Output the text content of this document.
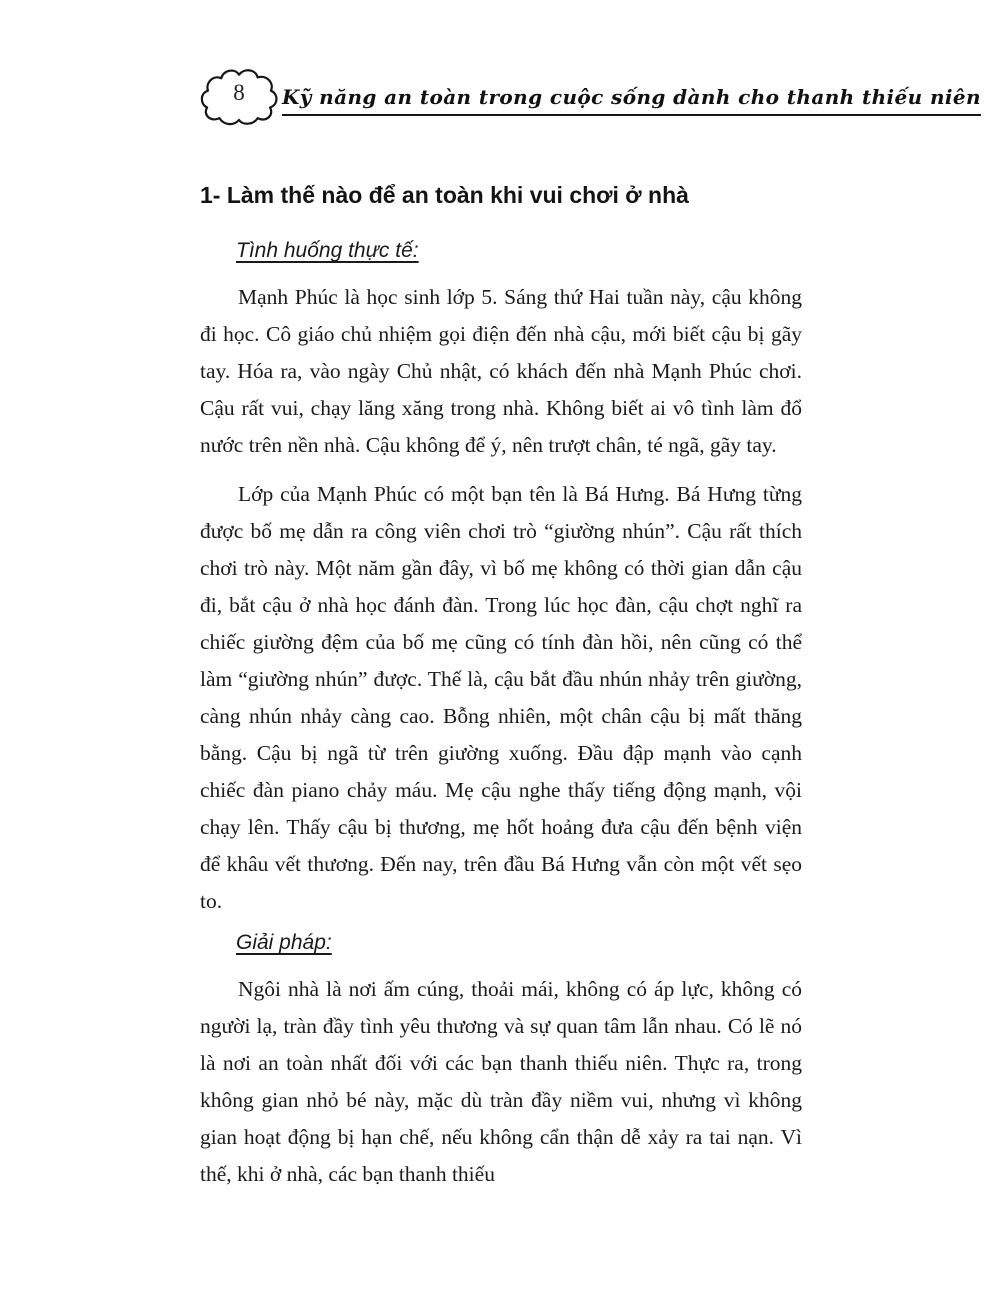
8	Kỹ năng an toàn trong cuộc sống dành cho thanh thiếu niên
1- Làm thế nào để an toàn khi vui chơi ở nhà

Tình huống thực tế:

Mạnh Phúc là học sinh lớp 5. Sáng thứ Hai tuần này, cậu không đi học. Cô giáo chủ nhiệm gọi điện đến nhà cậu, mới biết cậu bị gãy tay. Hóa ra, vào ngày Chủ nhật, có khách đến nhà Mạnh Phúc chơi. Cậu rất vui, chạy lăng xăng trong nhà. Không biết ai vô tình làm đổ nước trên nền nhà. Cậu không để ý, nên trượt chân, té ngã, gãy tay.

Lớp của Mạnh Phúc có một bạn tên là Bá Hưng. Bá Hưng từng được bố mẹ dẫn ra công viên chơi trò “giường nhún”. Cậu rất thích chơi trò này. Một năm gần đây, vì bố mẹ không có thời gian dẫn cậu đi, bắt cậu ở nhà học đánh đàn. Trong lúc học đàn, cậu chợt nghĩ ra chiếc giường đệm của bố mẹ cũng có tính đàn hồi, nên cũng có thể làm “giường nhún” được. Thế là, cậu bắt đầu nhún nhảy trên giường, càng nhún nhảy càng cao. Bỗng nhiên, một chân cậu bị mất thăng bằng. Cậu bị ngã từ trên giường xuống. Đầu đập mạnh vào cạnh chiếc đàn piano chảy máu. Mẹ cậu nghe thấy tiếng động mạnh, vội chạy lên. Thấy cậu bị thương, mẹ hốt hoảng đưa cậu đến bệnh viện để khâu vết thương. Đến nay, trên đầu Bá Hưng vẫn còn một vết sẹo to.

Giải pháp:

Ngôi nhà là nơi ấm cúng, thoải mái, không có áp lực, không có người lạ, tràn đầy tình yêu thương và sự quan tâm lẫn nhau. Có lẽ nó là nơi an toàn nhất đối với các bạn thanh thiếu niên. Thực ra, trong không gian nhỏ bé này, mặc dù tràn đầy niềm vui, nhưng vì không gian hoạt động bị hạn chế, nếu không cẩn thận dễ xảy ra tai nạn. Vì thế, khi ở nhà, các bạn thanh thiếu
